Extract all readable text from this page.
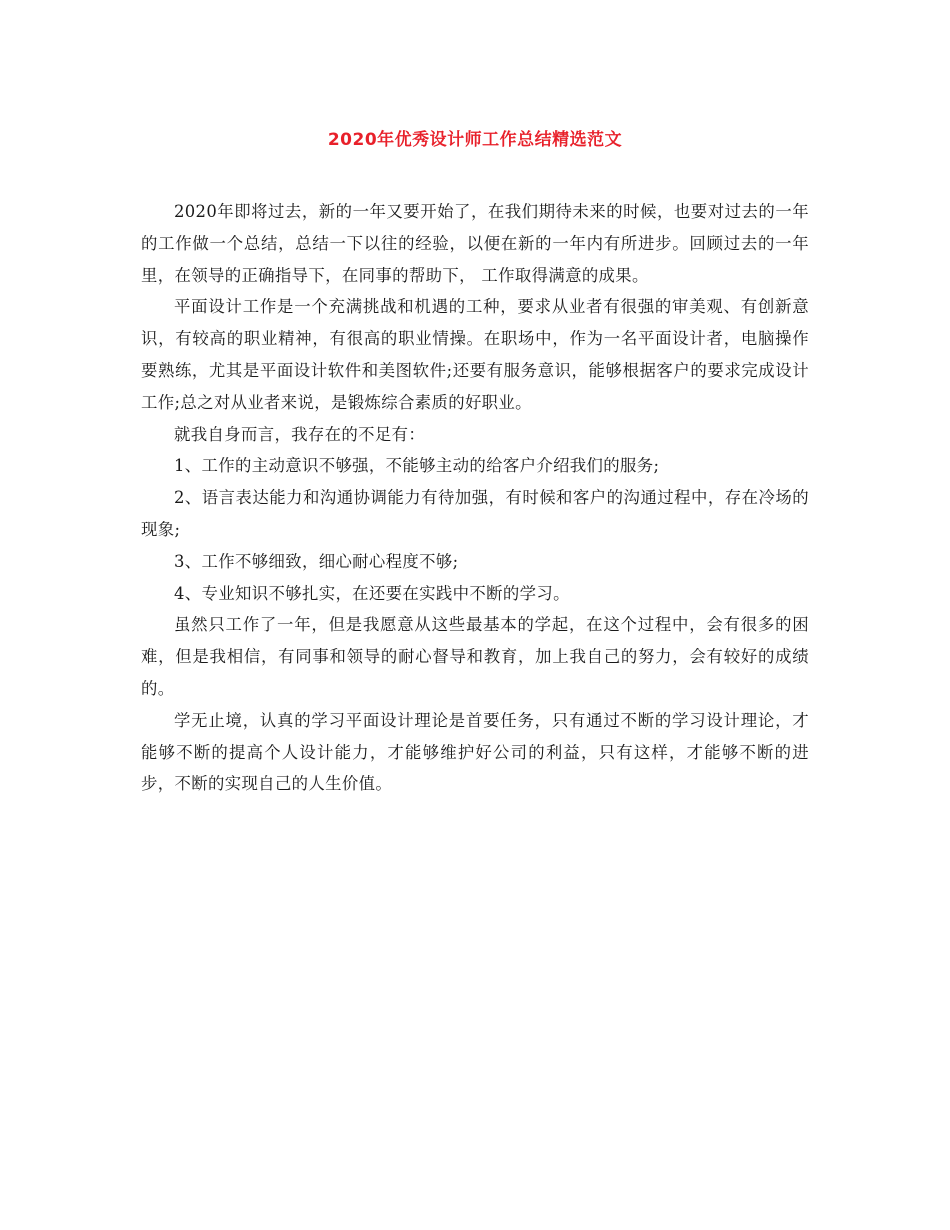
2020年优秀设计师工作总结精选范文

2020年即将过去，新的一年又要开始了，在我们期待未来的时候，也要对过去的一年的工作做一个总结，总结一下以往的经验，以便在新的一年内有所进步。回顾过去的一年里，在领导的正确指导下，在同事的帮助下， 工作取得满意的成果。

平面设计工作是一个充满挑战和机遇的工种，要求从业者有很强的审美观、有创新意识，有较高的职业精神，有很高的职业情操。在职场中，作为一名平面设计者，电脑操作要熟练，尤其是平面设计软件和美图软件;还要有服务意识，能够根据客户的要求完成设计工作;总之对从业者来说，是锻炼综合素质的好职业。

就我自身而言，我存在的不足有：

1、工作的主动意识不够强，不能够主动的给客户介绍我们的服务;

2、语言表达能力和沟通协调能力有待加强，有时候和客户的沟通过程中，存在冷场的现象;

3、工作不够细致，细心耐心程度不够;

4、专业知识不够扎实，在还要在实践中不断的学习。

虽然只工作了一年，但是我愿意从这些最基本的学起，在这个过程中，会有很多的困难，但是我相信，有同事和领导的耐心督导和教育，加上我自己的努力，会有较好的成绩的。

学无止境，认真的学习平面设计理论是首要任务，只有通过不断的学习设计理论，才能够不断的提高个人设计能力，才能够维护好公司的利益，只有这样，才能够不断的进步，不断的实现自己的人生价值。
